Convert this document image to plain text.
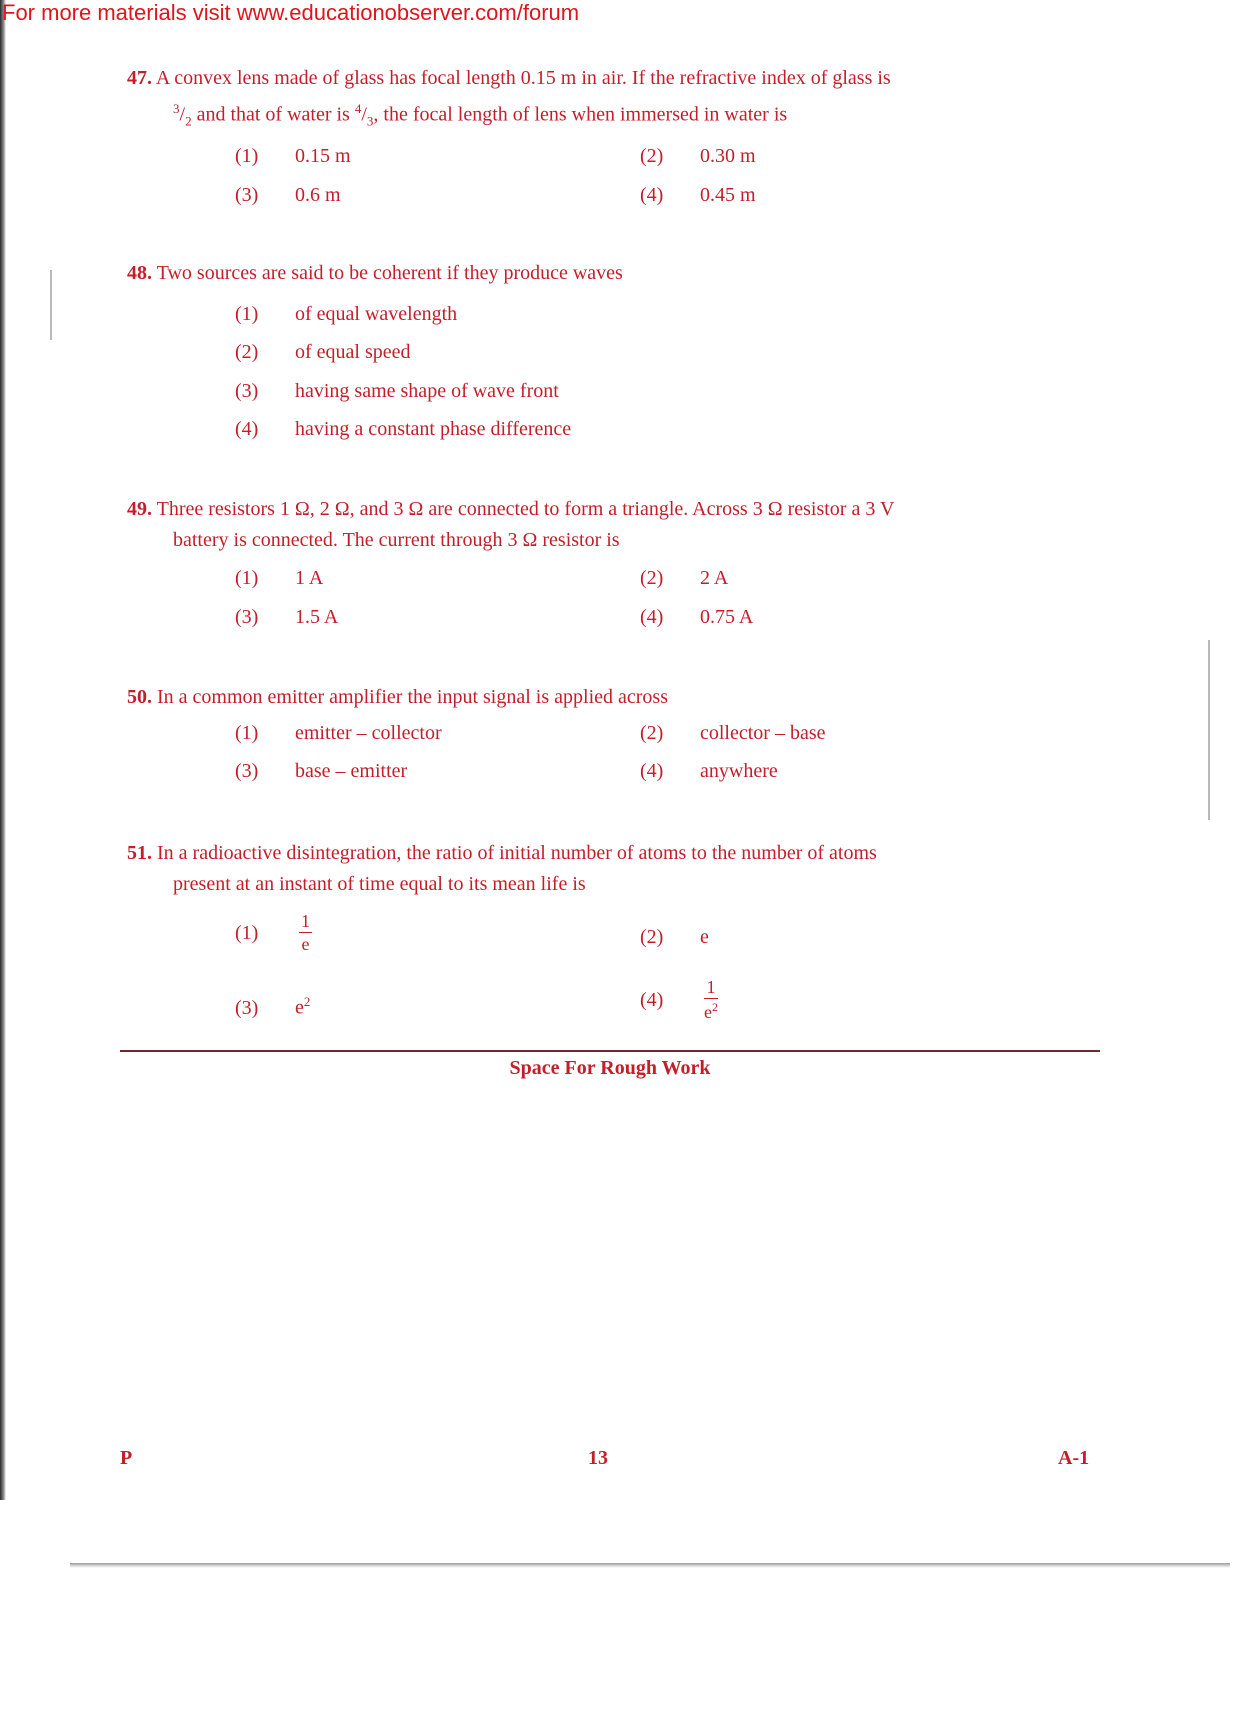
For more materials visit www.educationobserver.com/forum
47. A convex lens made of glass has focal length 0.15 m in air. If the refractive index of glass is
$^3/_2$ and that of water is $^4/_3$, the focal length of lens when immersed in water is
(1) 0.15 m	(2) 0.30 m
(3) 0.6 m	(4) 0.45 m
48. Two sources are said to be coherent if they produce waves
(1) of equal wavelength
(2) of equal speed
(3) having same shape of wave front
(4) having a constant phase difference
49. Three resistors 1 Ω, 2 Ω, and 3 Ω are connected to form a triangle. Across 3 Ω resistor a 3 V
battery is connected. The current through 3 Ω resistor is
(1) 1 A	(2) 2 A
(3) 1.5 A	(4) 0.75 A
50. In a common emitter amplifier the input signal is applied across
(1) emitter – collector	(2) collector – base
(3) base – emitter	(4) anywhere
51. In a radioactive disintegration, the ratio of initial number of atoms to the number of atoms
present at an instant of time equal to its mean life is
$(1) \frac{1}{e}$	(2) e
(3) $e^2$	$(4) \frac{1}{e^2}$
Space For Rough Work
P	13	A-1
